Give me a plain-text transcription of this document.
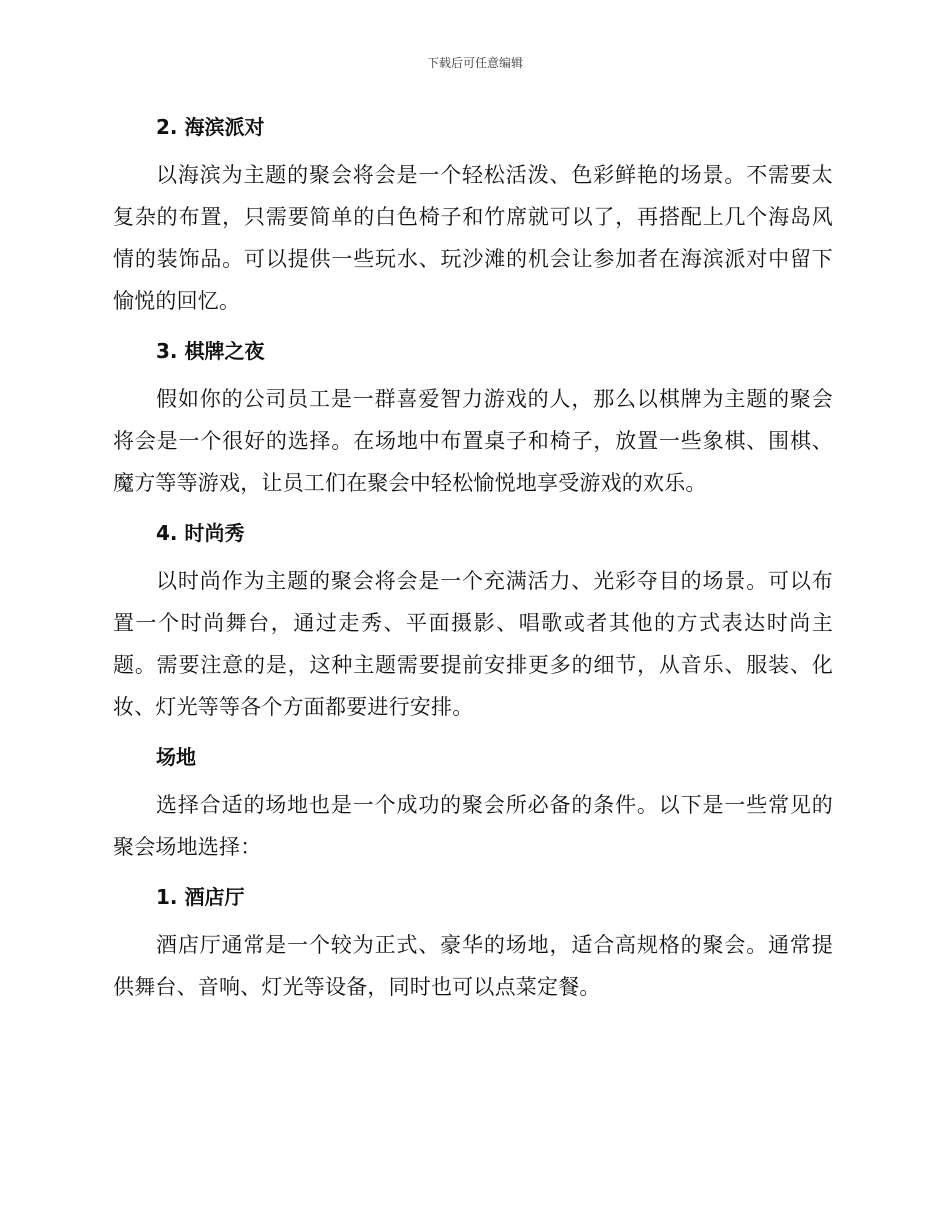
下载后可任意编辑
2. 海滨派对

以海滨为主题的聚会将会是一个轻松活泼、色彩鲜艳的场景。不需要太复杂的布置，只需要简单的白色椅子和竹席就可以了，再搭配上几个海岛风情的装饰品。可以提供一些玩水、玩沙滩的机会让参加者在海滨派对中留下愉悦的回忆。

3. 棋牌之夜

假如你的公司员工是一群喜爱智力游戏的人，那么以棋牌为主题的聚会将会是一个很好的选择。在场地中布置桌子和椅子，放置一些象棋、围棋、魔方等等游戏，让员工们在聚会中轻松愉悦地享受游戏的欢乐。

4. 时尚秀

以时尚作为主题的聚会将会是一个充满活力、光彩夺目的场景。可以布置一个时尚舞台，通过走秀、平面摄影、唱歌或者其他的方式表达时尚主题。需要注意的是，这种主题需要提前安排更多的细节，从音乐、服装、化妆、灯光等等各个方面都要进行安排。

场地

选择合适的场地也是一个成功的聚会所必备的条件。以下是一些常见的聚会场地选择：

1. 酒店厅

酒店厅通常是一个较为正式、豪华的场地，适合高规格的聚会。通常提供舞台、音响、灯光等设备，同时也可以点菜定餐。
